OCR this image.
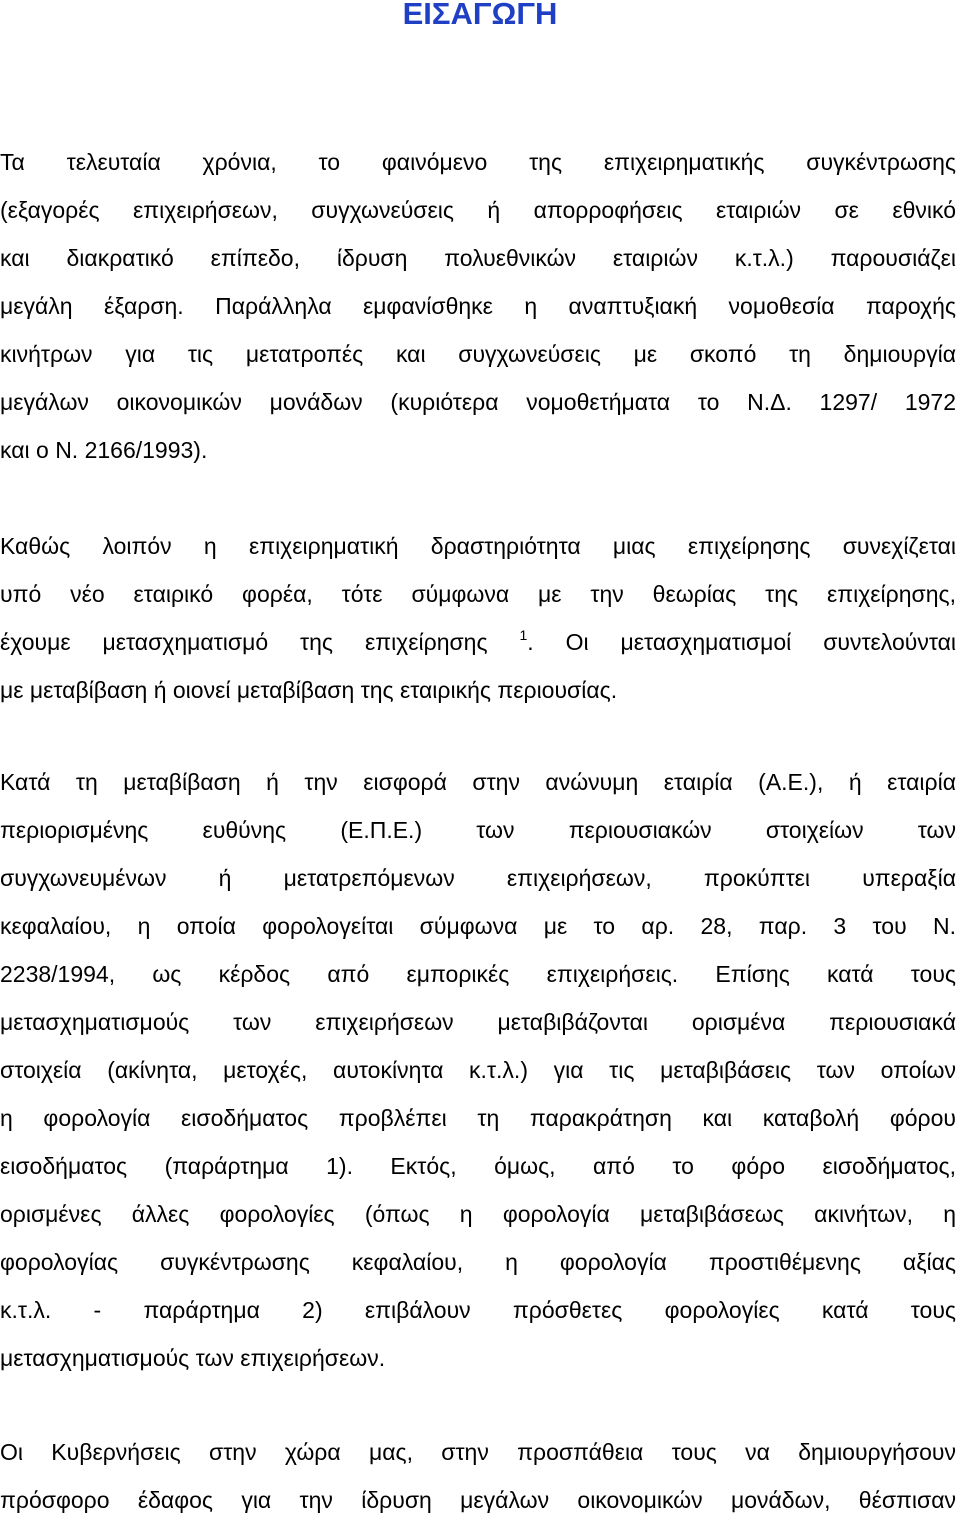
ΕΙΣΑΓΩΓΗ
Τα τελευταία χρόνια, το φαινόμενο της επιχειρηματικής συγκέντρωσης
(εξαγορές επιχειρήσεων, συγχωνεύσεις ή απορροφήσεις εταιριών σε εθνικό
και διακρατικό επίπεδο, ίδρυση πολυεθνικών εταιριών κ.τ.λ.) παρουσιάζει
μεγάλη έξαρση. Παράλληλα εμφανίσθηκε η αναπτυξιακή νομοθεσία παροχής
κινήτρων για τις μετατροπές και συγχωνεύσεις με σκοπό τη δημιουργία
μεγάλων οικονομικών μονάδων (κυριότερα νομοθετήματα το Ν.Δ. 1297/ 1972
και ο Ν. 2166/1993).
Καθώς λοιπόν η επιχειρηματική δραστηριότητα μιας επιχείρησης συνεχίζεται
υπό νέο εταιρικό φορέα, τότε σύμφωνα με την θεωρίας της επιχείρησης,
έχουμε μετασχηματισμό της επιχείρησης $^1$. Οι μετασχηματισμοί συντελούνται
με μεταβίβαση ή οιονεί μεταβίβαση της εταιρικής περιουσίας.
Κατά τη μεταβίβαση ή την εισφορά στην ανώνυμη εταιρία (Α.Ε.), ή εταιρία
περιορισμένης ευθύνης (Ε.Π.Ε.) των περιουσιακών στοιχείων των
συγχωνευμένων ή μετατρεπόμενων επιχειρήσεων, προκύπτει υπεραξία
κεφαλαίου, η οποία φορολογείται σύμφωνα με το αρ. 28, παρ. 3 του Ν.
2238/1994, ως κέρδος από εμπορικές επιχειρήσεις. Επίσης κατά τους
μετασχηματισμούς των επιχειρήσεων μεταβιβάζονται ορισμένα περιουσιακά
στοιχεία (ακίνητα, μετοχές, αυτοκίνητα κ.τ.λ.) για τις μεταβιβάσεις των οποίων
η φορολογία εισοδήματος προβλέπει τη παρακράτηση και καταβολή φόρου
εισοδήματος (παράρτημα 1). Εκτός, όμως, από το φόρο εισοδήματος,
ορισμένες άλλες φορολογίες (όπως η φορολογία μεταβιβάσεως ακινήτων, η
φορολογίας συγκέντρωσης κεφαλαίου, η φορολογία προστιθέμενης αξίας
κ.τ.λ. - παράρτημα 2) επιβάλουν πρόσθετες φορολογίες κατά τους
μετασχηματισμούς των επιχειρήσεων.
Οι Κυβερνήσεις στην χώρα μας, στην προσπάθεια τους να δημιουργήσουν
πρόσφορο έδαφος για την ίδρυση μεγάλων οικονομικών μονάδων, θέσπισαν
